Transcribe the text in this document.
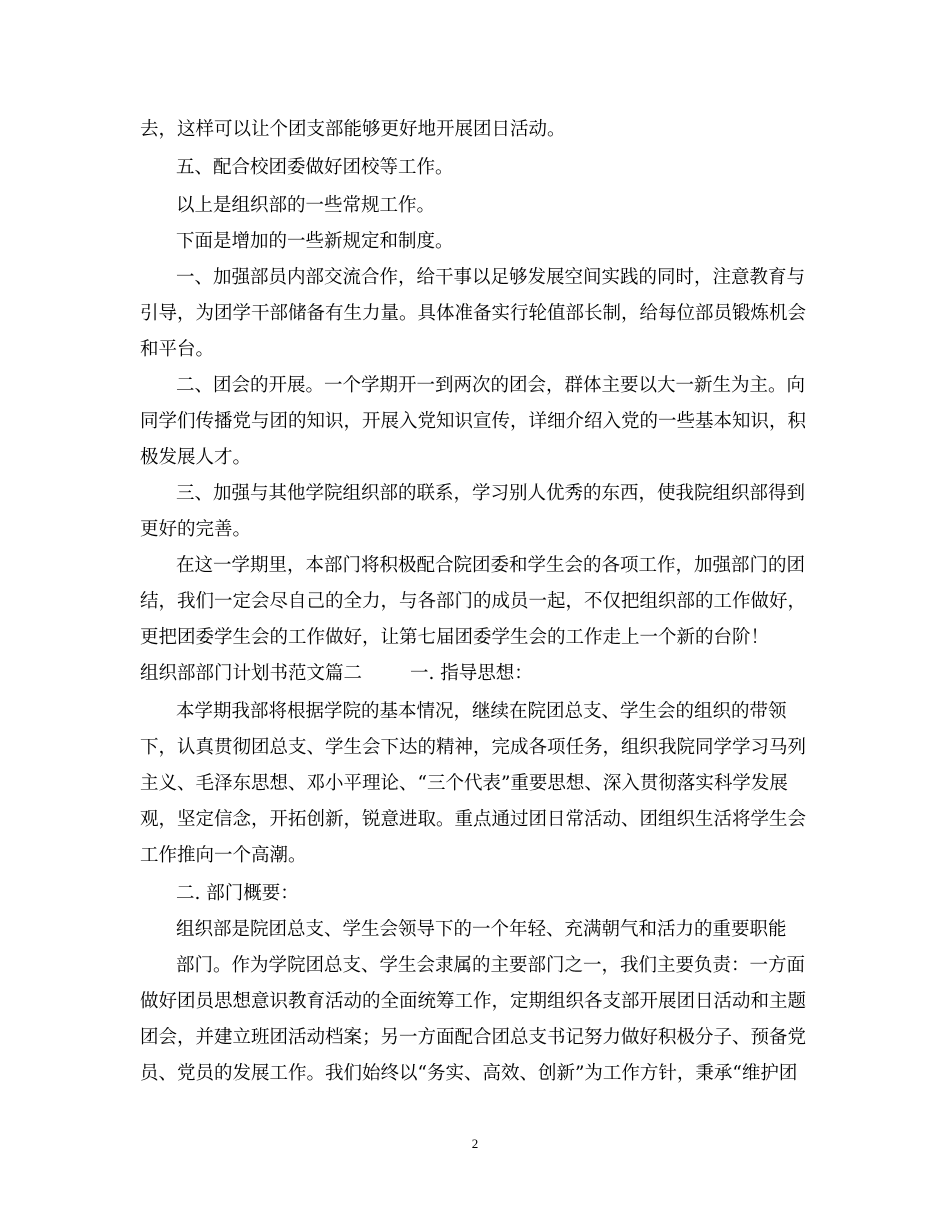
去，这样可以让个团支部能够更好地开展团日活动。

五、配合校团委做好团校等工作。

以上是组织部的一些常规工作。

下面是增加的一些新规定和制度。

一、加强部员内部交流合作，给干事以足够发展空间实践的同时，注意教育与

引导，为团学干部储备有生力量。具体准备实行轮值部长制，给每位部员锻炼机会

和平台。

二、团会的开展。一个学期开一到两次的团会，群体主要以大一新生为主。向

同学们传播党与团的知识，开展入党知识宣传，详细介绍入党的一些基本知识，积

极发展人才。

三、加强与其他学院组织部的联系，学习别人优秀的东西，使我院组织部得到

更好的完善。

在这一学期里，本部门将积极配合院团委和学生会的各项工作，加强部门的团

结，我们一定会尽自己的全力，与各部门的成员一起，不仅把组织部的工作做好，

更把团委学生会的工作做好，让第七届团委学生会的工作走上一个新的台阶！

组织部部门计划书范文篇二	一. 指导思想：

本学期我部将根据学院的基本情况，继续在院团总支、学生会的组织的带领

下，认真贯彻团总支、学生会下达的精神，完成各项任务，组织我院同学学习马列

主义、毛泽东思想、邓小平理论、“三个代表”重要思想、深入贯彻落实科学发展

观，坚定信念，开拓创新，锐意进取。重点通过团日常活动、团组织生活将学生会

工作推向一个高潮。

二. 部门概要：

组织部是院团总支、学生会领导下的一个年轻、充满朝气和活力的重要职能

部门。作为学院团总支、学生会隶属的主要部门之一，我们主要负责：一方面

做好团员思想意识教育活动的全面统筹工作，定期组织各支部开展团日活动和主题

团会，并建立班团活动档案；另一方面配合团总支书记努力做好积极分子、预备党

员、党员的发展工作。我们始终以“务实、高效、创新”为工作方针，秉承“维护团

2
